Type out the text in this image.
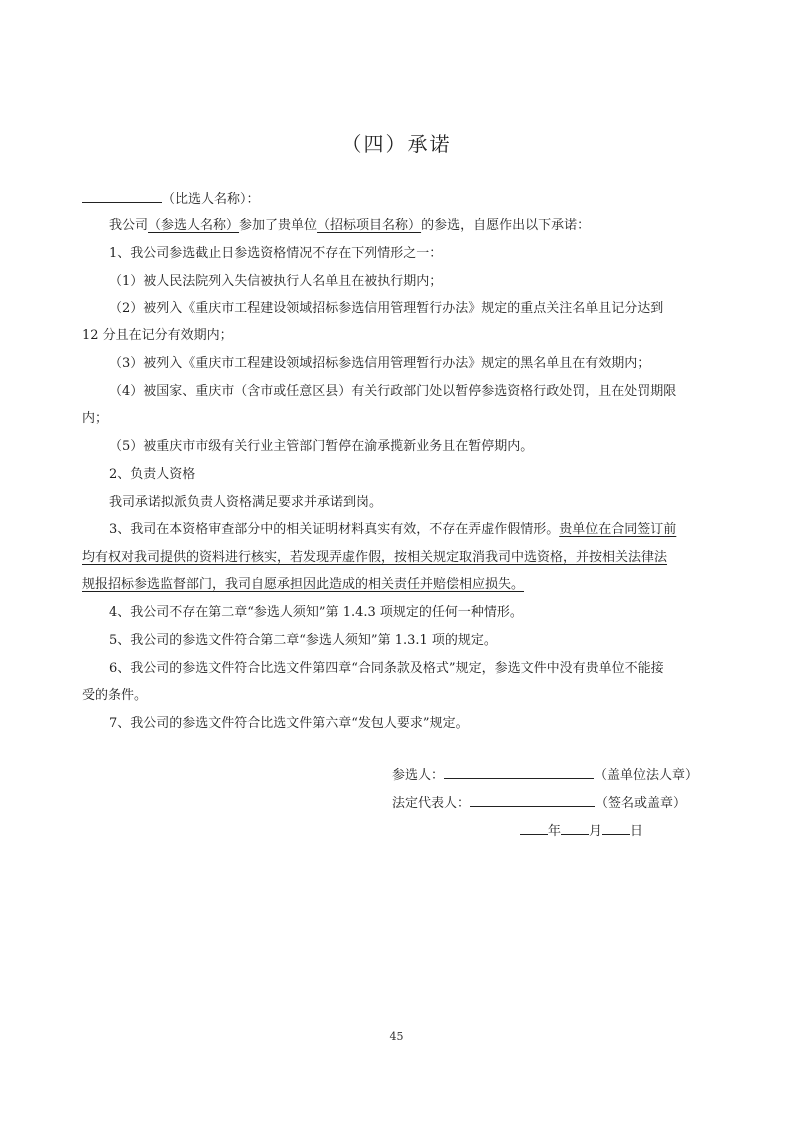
（四）承诺
（比选人名称）：
我公司（参选人名称）参加了贵单位（招标项目名称）的参选，自愿作出以下承诺：
1、我公司参选截止日参选资格情况不存在下列情形之一：
（1）被人民法院列入失信被执行人名单且在被执行期内；
（2）被列入《重庆市工程建设领域招标参选信用管理暂行办法》规定的重点关注名单且记分达到
12 分且在记分有效期内；
（3）被列入《重庆市工程建设领域招标参选信用管理暂行办法》规定的黑名单且在有效期内；
（4）被国家、重庆市（含市或任意区县）有关行政部门处以暂停参选资格行政处罚，且在处罚期限
内；
（5）被重庆市市级有关行业主管部门暂停在渝承揽新业务且在暂停期内。
2、负责人资格
我司承诺拟派负责人资格满足要求并承诺到岗。
3、我司在本资格审查部分中的相关证明材料真实有效，不存在弄虚作假情形。贵单位在合同签订前
均有权对我司提供的资料进行核实，若发现弄虚作假，按相关规定取消我司中选资格，并按相关法律法
规报招标参选监督部门，我司自愿承担因此造成的相关责任并赔偿相应损失。
4、我公司不存在第二章“参选人须知”第 1.4.3 项规定的任何一种情形。
5、我公司的参选文件符合第二章“参选人须知”第 1.3.1 项的规定。
6、我公司的参选文件符合比选文件第四章“合同条款及格式”规定，参选文件中没有贵单位不能接
受的条件。
7、我公司的参选文件符合比选文件第六章“发包人要求”规定。
参选人：	（盖单位法人章）
法定代表人：	（签名或盖章）
年 月 日
45
